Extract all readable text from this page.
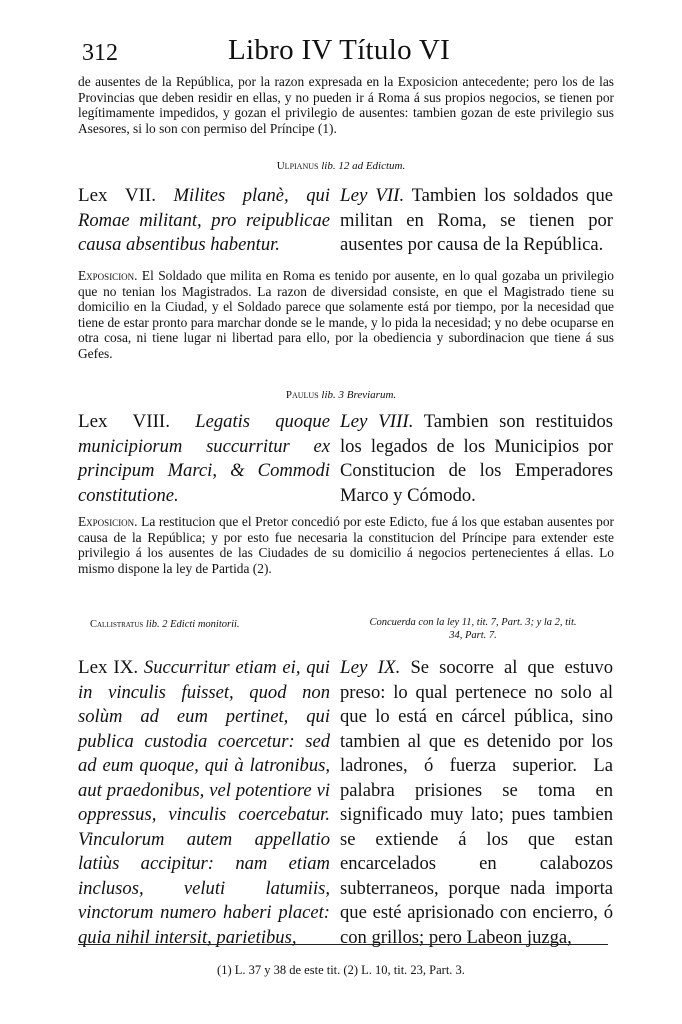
312	Libro IV Título VI
de ausentes de la República, por la razon expresada en la Exposicion antecedente; pero los de las Provincias que deben residir en ellas, y no pueden ir á Roma á sus propios negocios, se tienen por legítimamente impedidos, y gozan el privilegio de ausentes: tambien gozan de este privilegio sus Asesores, si lo son con permiso del Príncipe (1).
Ulpianus lib. 12 ad Edictum.
Lex VII. Milites planè, qui Romae militant, pro reipublicae causa absentibus habentur.
Ley VII. Tambien los soldados que militan en Roma, se tienen por ausentes por causa de la República.
Exposicion. El Soldado que milita en Roma es tenido por ausente, en lo qual gozaba un privilegio que no tenian los Magistrados. La razon de diversidad consiste, en que el Magistrado tiene su domicilio en la Ciudad, y el Soldado parece que solamente está por tiempo, por la necesidad que tiene de estar pronto para marchar donde se le mande, y lo pida la necesidad; y no debe ocuparse en otra cosa, ni tiene lugar ni libertad para ello, por la obediencia y subordinacion que tiene á sus Gefes.
Paulus lib. 3 Breviarum.
Lex VIII. Legatis quoque municipiorum succurritur ex principum Marci, & Commodi constitutione.
Ley VIII. Tambien son restituidos los legados de los Municipios por Constitucion de los Emperadores Marco y Cómodo.
Exposicion. La restitucion que el Pretor concedió por este Edicto, fue á los que estaban ausentes por causa de la República; y por esto fue necesaria la constitucion del Príncipe para extender este privilegio á los ausentes de las Ciudades de su domicilio á negocios pertenecientes á ellas. Lo mismo dispone la ley de Partida (2).
Callistratus lib. 2 Edicti monitorii.	Concuerda con la ley 11, tit. 7, Part. 3; y la 2, tit.
34, Part. 7.
Lex IX. Succurritur etiam ei, qui in vinculis fuisset, quod non solùm ad eum pertinet, qui publica custodia coercetur: sed ad eum quoque, qui à latronibus, aut praedonibus, vel potentiore vi oppressus, vinculis coercebatur. Vinculorum autem appellatio latiùs accipitur: nam etiam inclusos, veluti latumiis, vinctorum numero haberi placet: quia nihil intersit, parietibus,
Ley IX. Se socorre al que estuvo preso: lo qual pertenece no solo al que lo está en cárcel pública, sino tambien al que es detenido por los ladrones, ó fuerza superior. La palabra prisiones se toma en significado muy lato; pues tambien se extiende á los que estan encarcelados en calabozos subterraneos, porque nada importa que esté aprisionado con encierro, ó con grillos; pero Labeon juzga,
(1) L. 37 y 38 de este tit. (2) L. 10, tit. 23, Part. 3.
